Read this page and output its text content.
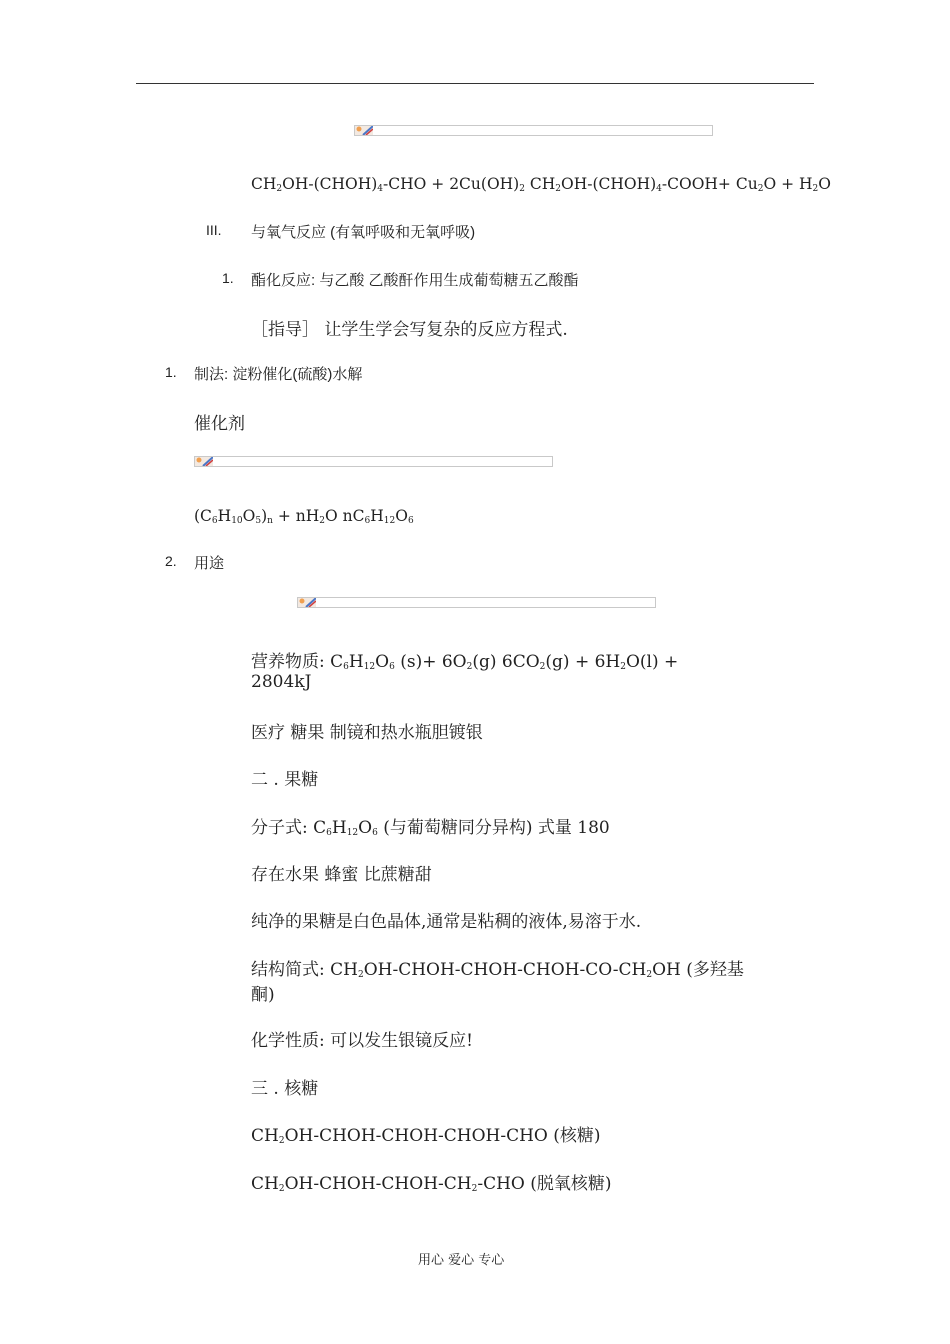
$CH_2OH-(CHOH)_4$-CHO + $2Cu(OH)_2$ $CH_2OH-(CHOH)_4-COOH+ Cu_2O + H_2O$
III. 与氧气反应 (有氧呼吸和无氧呼吸)
1. 酯化反应: 与乙酸 乙酸酐作用生成葡萄糖五乙酸酯
［指导］ 让学生学会写复杂的反应方程式.
1. 制法: 淀粉催化(硫酸)水解
催化剂
$(C_6H_{10}O_5)_n + nH_2O$ $nC_6H_{12}O_6$
2. 用途
营养物质: $C_6H_{12}O_6$ $(s)+ 6O_2(g) 6CO_2(g) + 6H_2O(l)$ +
2804kJ
医疗 糖果 制镜和热水瓶胆镀银
二 . 果糖
分子式: $C_6H_{12}O_6$ (与葡萄糖同分异构) 式量 180
存在水果 蜂蜜 比蔗糖甜
纯净的果糖是白色晶体,通常是粘稠的液体,易溶于水.
结构简式: $CH_2OH-CHOH-CHOH-CHOH-CO-CH_2OH$ (多羟基
酮)
化学性质: 可以发生银镜反应!
三 . 核糖
$CH_2OH-CHOH-CHOH-CHOH$-CHO (核糖)
$CH_2OH-CHOH-CHOH-CH_2$-CHO (脱氧核糖)
用心 爱心 专心
